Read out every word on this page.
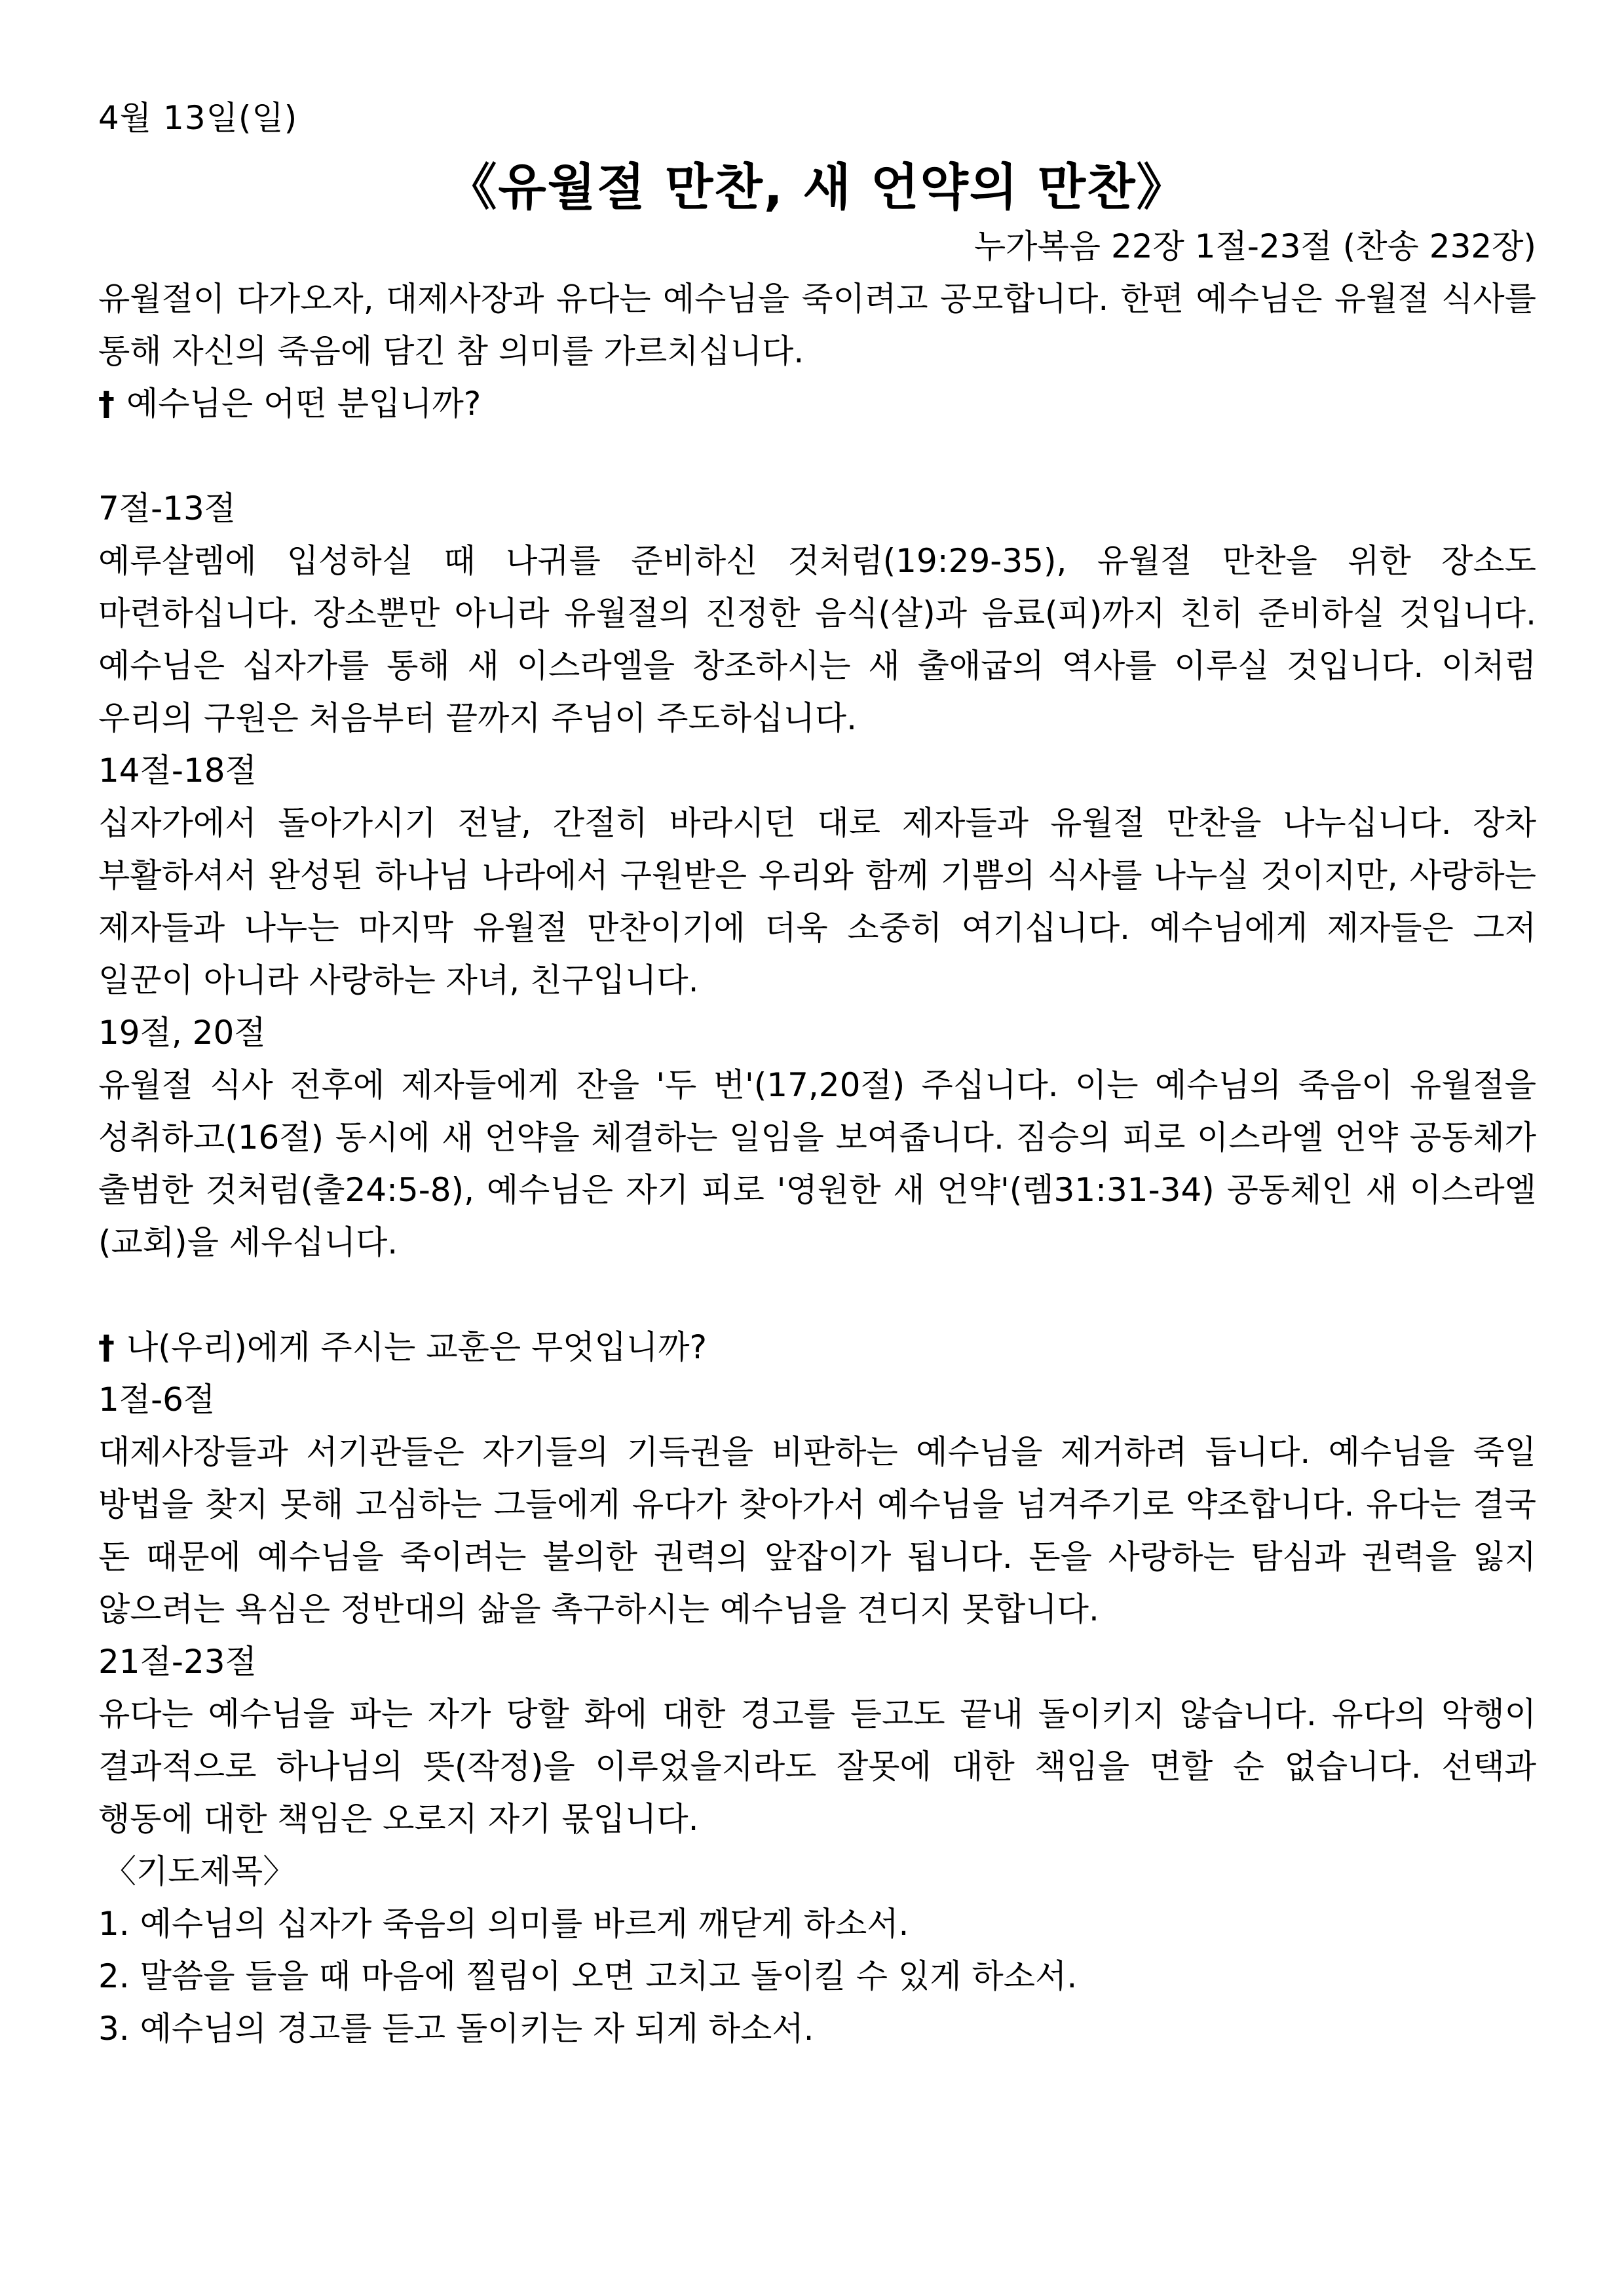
4월 13일(일)

《유월절 만찬, 새 언약의 만찬》

누가복음 22장 1절-23절 (찬송 232장)

유월절이 다가오자, 대제사장과 유다는 예수님을 죽이려고 공모합니다. 한편 예수님은 유월절 식사를 통해 자신의 죽음에 담긴 참 의미를 가르치십니다.

† 예수님은 어떤 분입니까?

7절-13절

예루살렘에 입성하실 때 나귀를 준비하신 것처럼(19:29-35), 유월절 만찬을 위한 장소도 마련하십니다. 장소뿐만 아니라 유월절의 진정한 음식(살)과 음료(피)까지 친히 준비하실 것입니다. 예수님은 십자가를 통해 새 이스라엘을 창조하시는 새 출애굽의 역사를 이루실 것입니다. 이처럼 우리의 구원은 처음부터 끝까지 주님이 주도하십니다.

14절-18절

십자가에서 돌아가시기 전날, 간절히 바라시던 대로 제자들과 유월절 만찬을 나누십니다. 장차 부활하셔서 완성된 하나님 나라에서 구원받은 우리와 함께 기쁨의 식사를 나누실 것이지만, 사랑하는 제자들과 나누는 마지막 유월절 만찬이기에 더욱 소중히 여기십니다. 예수님에게 제자들은 그저 일꾼이 아니라 사랑하는 자녀, 친구입니다.

19절, 20절

유월절 식사 전후에 제자들에게 잔을 '두 번'(17,20절) 주십니다. 이는 예수님의 죽음이 유월절을 성취하고(16절) 동시에 새 언약을 체결하는 일임을 보여줍니다. 짐승의 피로 이스라엘 언약 공동체가 출범한 것처럼(출24:5-8), 예수님은 자기 피로 '영원한 새 언약'(렘31:31-34) 공동체인 새 이스라엘(교회)을 세우십니다.

† 나(우리)에게 주시는 교훈은 무엇입니까?

1절-6절

대제사장들과 서기관들은 자기들의 기득권을 비판하는 예수님을 제거하려 듭니다. 예수님을 죽일 방법을 찾지 못해 고심하는 그들에게 유다가 찾아가서 예수님을 넘겨주기로 약조합니다. 유다는 결국 돈 때문에 예수님을 죽이려는 불의한 권력의 앞잡이가 됩니다. 돈을 사랑하는 탐심과 권력을 잃지 않으려는 욕심은 정반대의 삶을 촉구하시는 예수님을 견디지 못합니다.

21절-23절

유다는 예수님을 파는 자가 당할 화에 대한 경고를 듣고도 끝내 돌이키지 않습니다. 유다의 악행이 결과적으로 하나님의 뜻(작정)을 이루었을지라도 잘못에 대한 책임을 면할 순 없습니다. 선택과 행동에 대한 책임은 오로지 자기 몫입니다.

〈기도제목〉

1. 예수님의 십자가 죽음의 의미를 바르게 깨닫게 하소서.
2. 말씀을 들을 때 마음에 찔림이 오면 고치고 돌이킬 수 있게 하소서.
3. 예수님의 경고를 듣고 돌이키는 자 되게 하소서.
